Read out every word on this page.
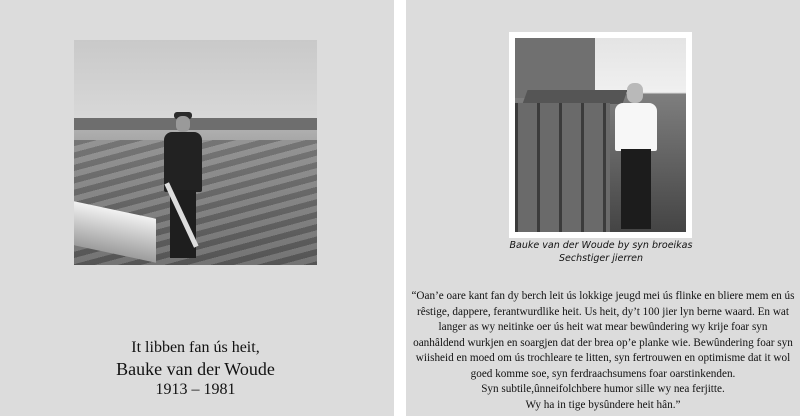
It libben fan ús heit,
Bauke van der Woude
1913 – 1981
Bauke van der Woude by syn broeikas
Sechstiger jierren
“Oan’e oare kant fan dy berch leit ús lokkige jeugd mei ús flinke en bliere mem en ús
rêstige, dappere, ferantwurdlike heit. Us heit, dy’t 100 jier lyn berne waard. En wat
langer as wy neitinke oer ús heit wat mear bewûndering wy krije foar syn
oanhâldend wurkjen en soargjen dat der brea op’e planke wie. Bewûndering foar syn
wiisheid en moed om ús trochleare te litten, syn fertrouwen en optimisme dat it wol
goed komme soe, syn ferdraachsumens foar oarstinkenden.
Syn subtile,ûnneifolchbere humor sille wy nea ferjitte.
Wy ha in tige bysûndere heit hân.”
